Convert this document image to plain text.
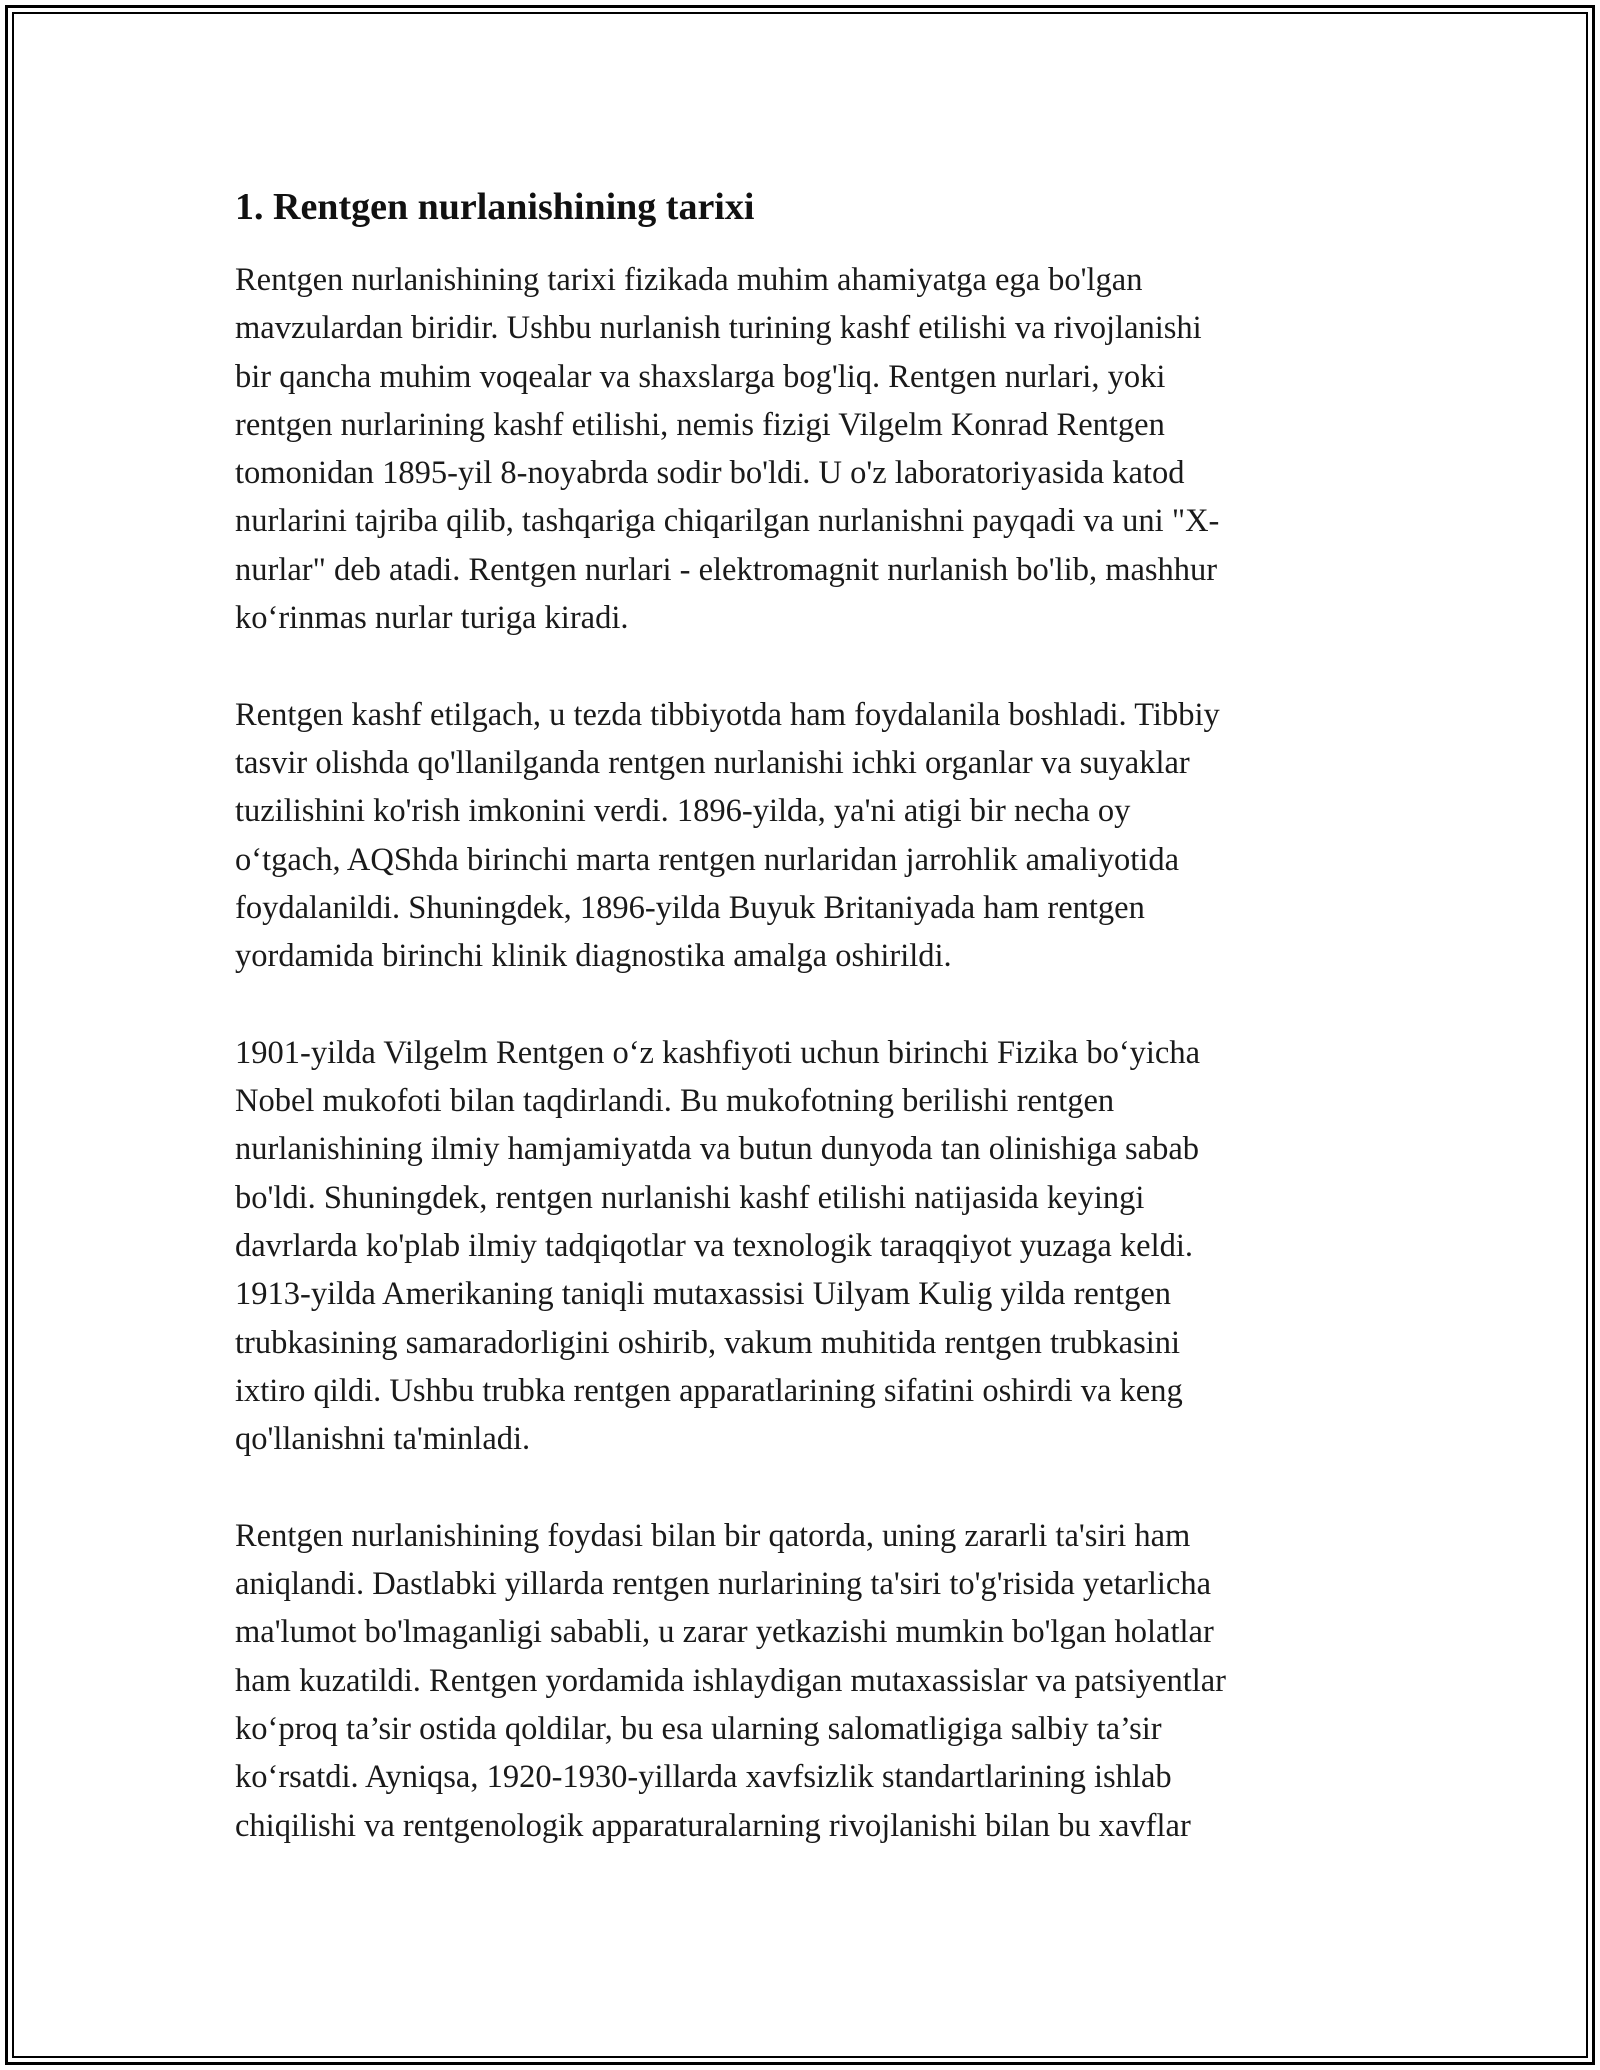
1. Rentgen nurlanishining tarixi

Rentgen nurlanishining tarixi fizikada muhim ahamiyatga ega bo'lgan
mavzulardan biridir. Ushbu nurlanish turining kashf etilishi va rivojlanishi
bir qancha muhim voqealar va shaxslarga bog'liq. Rentgen nurlari, yoki
rentgen nurlarining kashf etilishi, nemis fizigi Vilgelm Konrad Rentgen
tomonidan 1895-yil 8-noyabrda sodir bo'ldi. U o'z laboratoriyasida katod
nurlarini tajriba qilib, tashqariga chiqarilgan nurlanishni payqadi va uni "X-
nurlar" deb atadi. Rentgen nurlari - elektromagnit nurlanish bo'lib, mashhur
ko‘rinmas nurlar turiga kiradi.

Rentgen kashf etilgach, u tezda tibbiyotda ham foydalanila boshladi. Tibbiy
tasvir olishda qo'llanilganda rentgen nurlanishi ichki organlar va suyaklar
tuzilishini ko'rish imkonini verdi. 1896-yilda, ya'ni atigi bir necha oy
o‘tgach, AQShda birinchi marta rentgen nurlaridan jarrohlik amaliyotida
foydalanildi. Shuningdek, 1896-yilda Buyuk Britaniyada ham rentgen
yordamida birinchi klinik diagnostika amalga oshirildi.

1901-yilda Vilgelm Rentgen o‘z kashfiyoti uchun birinchi Fizika bo‘yicha
Nobel mukofoti bilan taqdirlandi. Bu mukofotning berilishi rentgen
nurlanishining ilmiy hamjamiyatda va butun dunyoda tan olinishiga sabab
bo'ldi. Shuningdek, rentgen nurlanishi kashf etilishi natijasida keyingi
davrlarda ko'plab ilmiy tadqiqotlar va texnologik taraqqiyot yuzaga keldi.
1913-yilda Amerikaning taniqli mutaxassisi Uilyam Kulig yilda rentgen
trubkasining samaradorligini oshirib, vakum muhitida rentgen trubkasini
ixtiro qildi. Ushbu trubka rentgen apparatlarining sifatini oshirdi va keng
qo'llanishni ta'minladi.

Rentgen nurlanishining foydasi bilan bir qatorda, uning zararli ta'siri ham
aniqlandi. Dastlabki yillarda rentgen nurlarining ta'siri to'g'risida yetarlicha
ma'lumot bo'lmaganligi sababli, u zarar yetkazishi mumkin bo'lgan holatlar
ham kuzatildi. Rentgen yordamida ishlaydigan mutaxassislar va patsiyentlar
ko‘proq ta’sir ostida qoldilar, bu esa ularning salomatligiga salbiy ta’sir
ko‘rsatdi. Ayniqsa, 1920-1930-yillarda xavfsizlik standartlarining ishlab
chiqilishi va rentgenologik apparaturalarning rivojlanishi bilan bu xavflar
